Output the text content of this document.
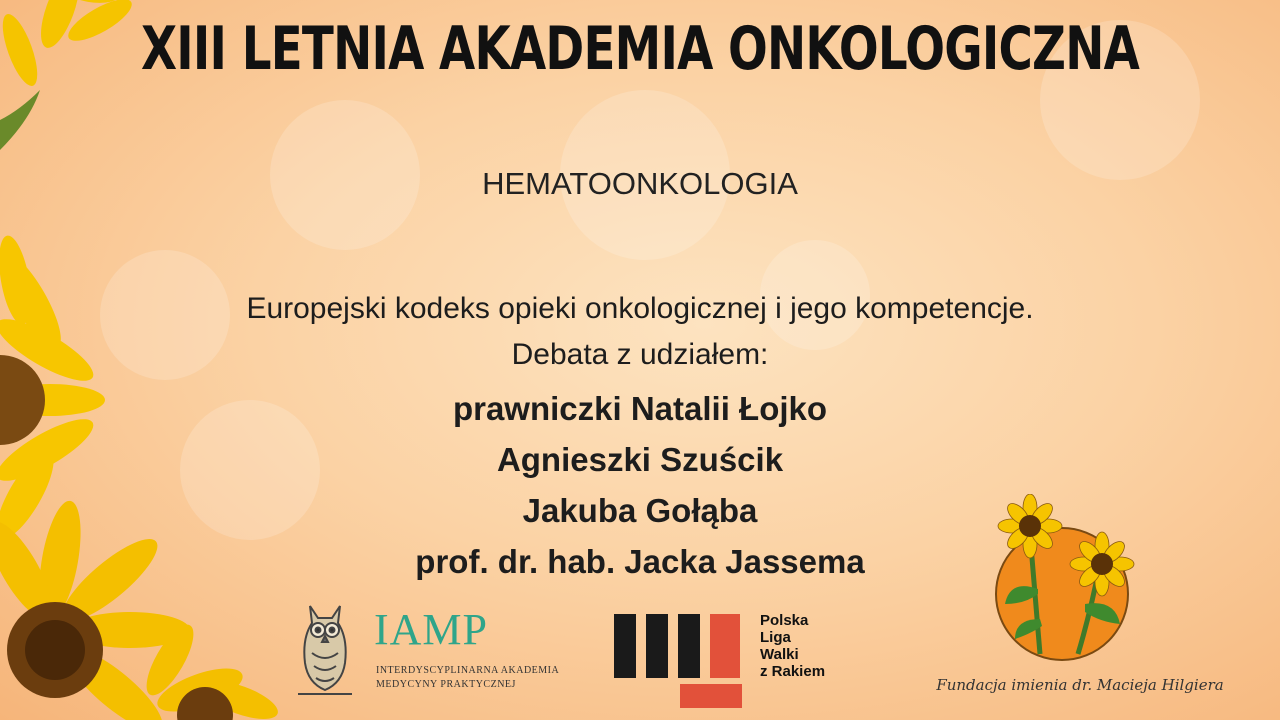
XIII LETNIA AKADEMIA ONKOLOGICZNA
HEMATOONKOLOGIA
Europejski kodeks opieki onkologicznej i jego kompetencje.
Debata z udziałem:
prawniczki Natalii Łojko
Agnieszki Szuścik
Jakuba Gołąba
prof. dr. hab. Jacka Jassema
IAMP
INTERDYSCYPLINARNA AKADEMIA
MEDYCYNY PRAKTYCZNEJ
Polska
Liga
Walki
z Rakiem
Fundacja imienia dr. Macieja Hilgiera
